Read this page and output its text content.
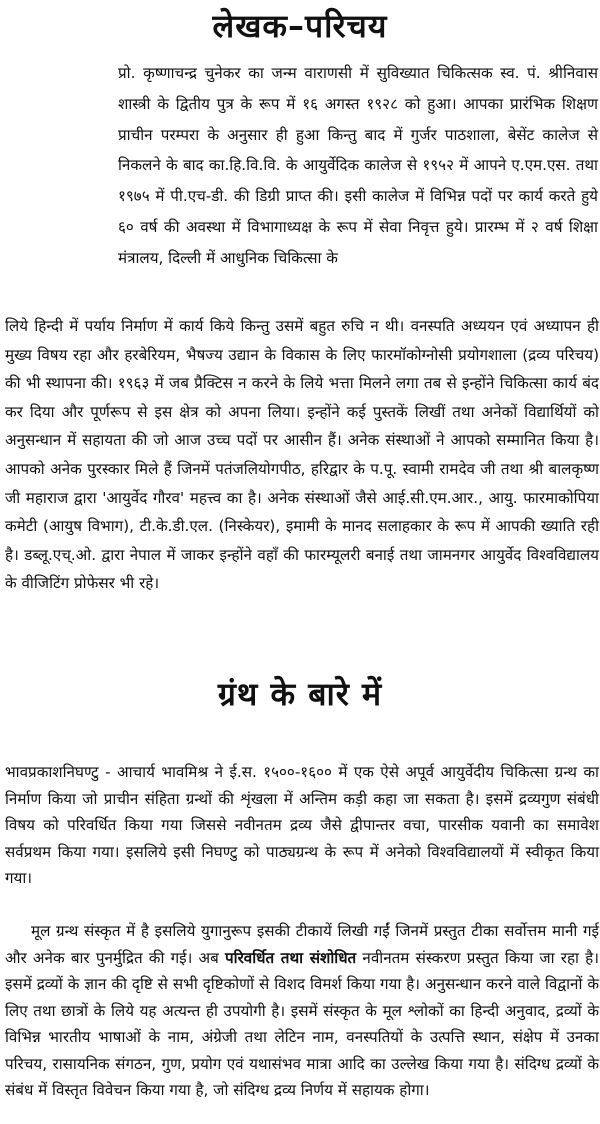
लेखक–परिचय
प्रो. कृष्णाचन्द्र चुनेकर का जन्म वाराणसी में सुविख्यात चिकित्सक स्व. पं. श्रीनिवास शास्त्री के द्वितीय पुत्र के रूप में १६ अगस्त १९२८ को हुआ। आपका प्रारंभिक शिक्षण प्राचीन परम्परा के अनुसार ही हुआ किन्तु बाद में गुर्जर पाठशाला, बेसेंट कालेज से निकलने के बाद का.हि.वि.वि. के आयुर्वेदिक कालेज से १९५२ में आपने ए.एम.एस. तथा १९७५ में पी.एच-डी. की डिग्री प्राप्त की। इसी कालेज में विभिन्न पदों पर कार्य करते हुये ६० वर्ष की अवस्था में विभागाध्यक्ष के रूप में सेवा निवृत्त हुये। प्रारम्भ में २ वर्ष शिक्षा मंत्रालय, दिल्ली में आधुनिक चिकित्सा के
लिये हिन्दी में पर्याय निर्माण में कार्य किये किन्तु उसमें बहुत रुचि न थी। वनस्पति अध्ययन एवं अध्यापन ही मुख्य विषय रहा और हरबेरियम, भैषज्य उद्यान के विकास के लिए फारमॉकोग्नोसी प्रयोगशाला (द्रव्य परिचय) की भी स्थापना की। १९६३ में जब प्रैक्टिस न करने के लिये भत्ता मिलने लगा तब से इन्होंने चिकित्सा कार्य बंद कर दिया और पूर्णरूप से इस क्षेत्र को अपना लिया। इन्होंने कई पुस्तकें लिखीं तथा अनेकों विद्यार्थियों को अनुसन्धान में सहायता की जो आज उच्च पदों पर आसीन हैं। अनेक संस्थाओं ने आपको सम्मानित किया है। आपको अनेक पुरस्कार मिले हैं जिनमें पतंजलियोगपीठ, हरिद्वार के प.पू. स्वामी रामदेव जी तथा श्री बालकृष्ण जी महाराज द्वारा 'आयुर्वेद गौरव' महत्त्व का है। अनेक संस्थाओं जैसे आई.सी.एम.आर., आयु. फारमाकोपिया कमेटी (आयुष विभाग), टी.के.डी.एल. (निस्केयर), इमामी के मानद सलाहकार के रूप में आपकी ख्याति रही है। डब्लू.एच्.ओ. द्वारा नेपाल में जाकर इन्होंने वहाँ की फारम्यूलरी बनाई तथा जामनगर आयुर्वेद विश्वविद्यालय के वीजिटिंग प्रोफेसर भी रहे।
ग्रंथ के बारे में
भावप्रकाशनिघण्टु - आचार्य भावमिश्र ने ई.स. १५००-१६०० में एक ऐसे अपूर्व आयुर्वेदीय चिकित्सा ग्रन्थ का निर्माण किया जो प्राचीन संहिता ग्रन्थों की शृंखला में अन्तिम कड़ी कहा जा सकता है। इसमें द्रव्यगुण संबंधी विषय को परिवर्धित किया गया जिससे नवीनतम द्रव्य जैसे द्वीपान्तर वचा, पारसीक यवानी का समावेश सर्वप्रथम किया गया। इसलिये इसी निघण्टु को पाठ्यग्रन्थ के रूप में अनेको विश्वविद्यालयों में स्वीकृत किया गया।
मूल ग्रन्थ संस्कृत में है इसलिये युगानुरूप इसकी टीकायें लिखी गईं जिनमें प्रस्तुत टीका सर्वोत्तम मानी गई और अनेक बार पुनर्मुद्रित की गई। अब परिवर्धित तथा संशोधित नवीनतम संस्करण प्रस्तुत किया जा रहा है। इसमें द्रव्यों के ज्ञान की दृष्टि से सभी दृष्टिकोणों से विशद विमर्श किया गया है। अनुसन्धान करने वाले विद्वानों के लिए तथा छात्रों के लिये यह अत्यन्त ही उपयोगी है। इसमें संस्कृत के मूल श्लोकों का हिन्दी अनुवाद, द्रव्यों के विभिन्न भारतीय भाषाओं के नाम, अंग्रेजी तथा लेटिन नाम, वनस्पतियों के उत्पत्ति स्थान, संक्षेप में उनका परिचय, रासायनिक संगठन, गुण, प्रयोग एवं यथासंभव मात्रा आदि का उल्लेख किया गया है। संदिग्ध द्रव्यों के संबंध में विस्तृत विवेचन किया गया है, जो संदिग्ध द्रव्य निर्णय में सहायक होगा।
